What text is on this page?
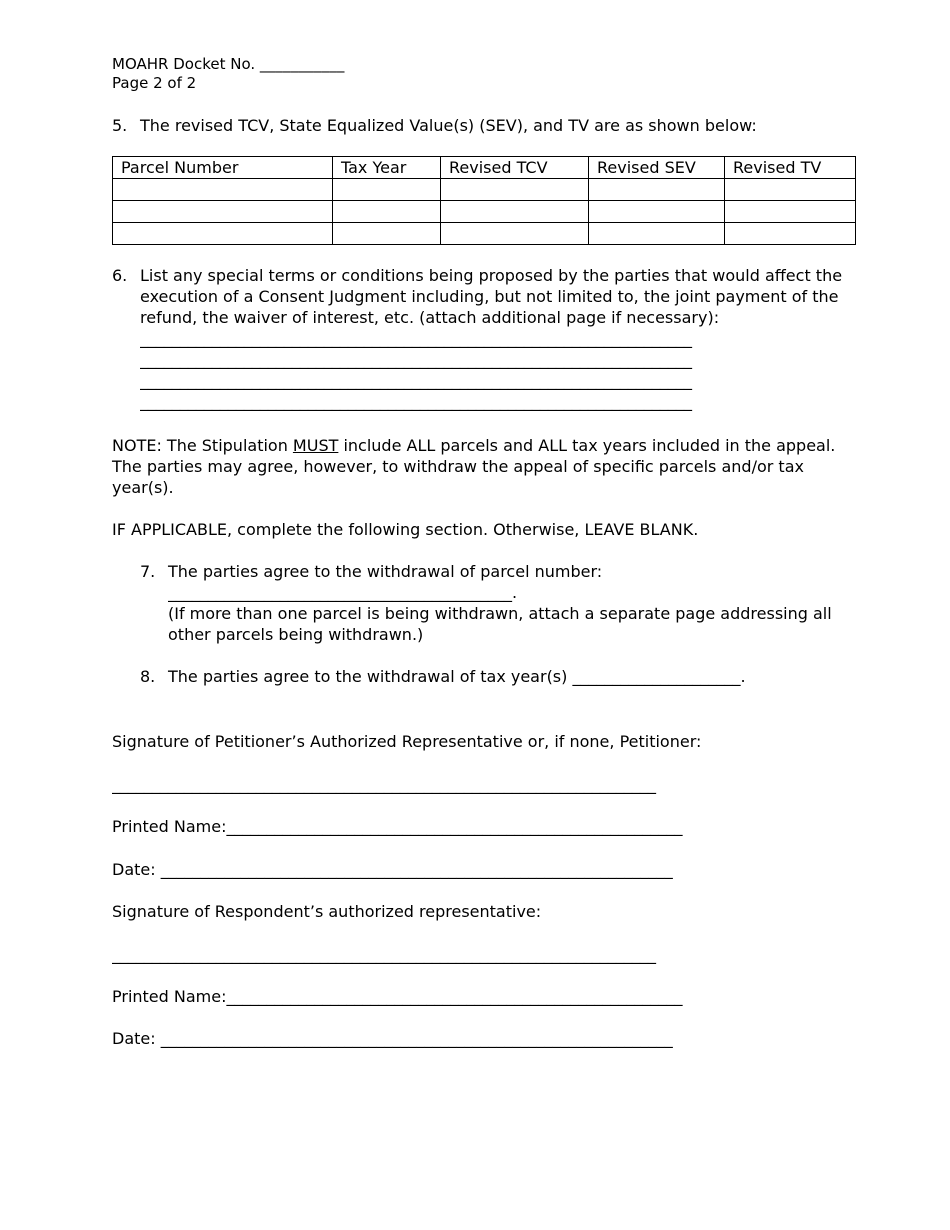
MOAHR Docket No. ___________
Page 2 of 2
5. The revised TCV, State Equalized Value(s) (SEV), and TV are as shown below:
Parcel Number	Tax Year	Revised TCV	Revised SEV	Revised TV

6. List any special terms or conditions being proposed by the parties that would affect the execution of a Consent Judgment including, but not limited to, the joint payment of the refund, the waiver of interest, etc. (attach additional page if necessary):
_____________________________________________________________________
_____________________________________________________________________
_____________________________________________________________________
_____________________________________________________________________
NOTE: The Stipulation MUST include ALL parcels and ALL tax years included in the appeal. The parties may agree, however, to withdraw the appeal of specific parcels and/or tax year(s).
IF APPLICABLE, complete the following section. Otherwise, LEAVE BLANK.
7. The parties agree to the withdrawal of parcel number:
___________________________________________.
(If more than one parcel is being withdrawn, attach a separate page addressing all other parcels being withdrawn.)
8. The parties agree to the withdrawal of tax year(s) _____________________.
Signature of Petitioner’s Authorized Representative or, if none, Petitioner:
____________________________________________________________________
Printed Name:_________________________________________________________
Date: ________________________________________________________________
Signature of Respondent’s authorized representative:
____________________________________________________________________
Printed Name:_________________________________________________________
Date: ________________________________________________________________
